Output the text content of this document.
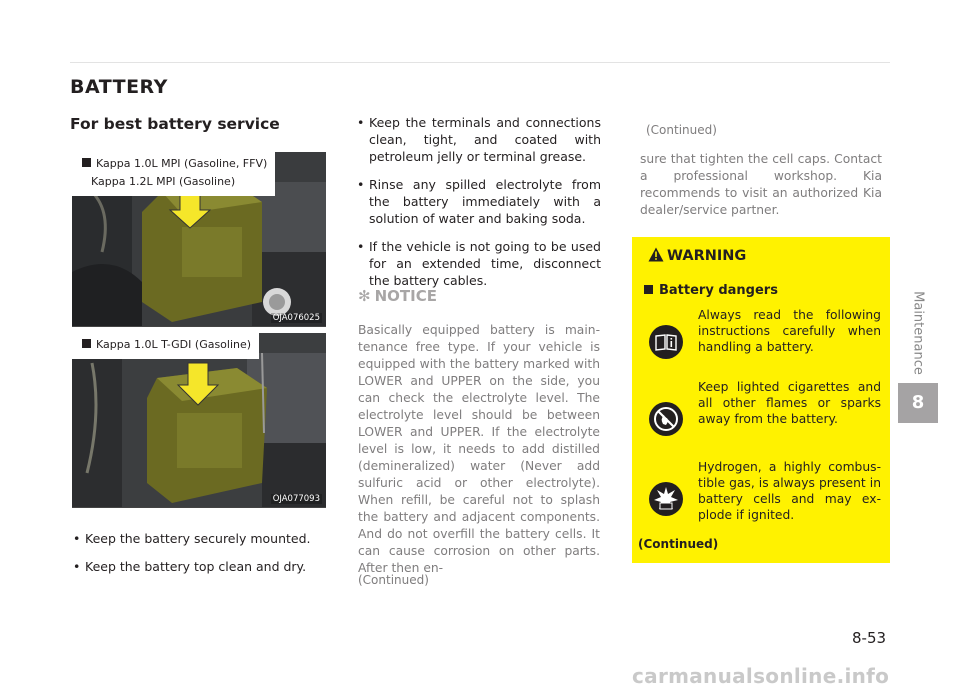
BATTERY
For best battery service
Kappa 1.0L MPI (Gasoline, FFV)
Kappa 1.2L MPI (Gasoline)
OJA076025
Kappa 1.0L T-GDI (Gasoline)
OJA077093
• Keep the battery securely mounted.
• Keep the battery top clean and dry.
• Keep the terminals and connections clean, tight, and coated with petroleum jelly or terminal grease.
• Rinse any spilled electrolyte from the battery immediately with a solution of water and baking soda.
• If the vehicle is not going to be used for an extended time, disconnect the battery cables.
✻ NOTICE
Basically equipped battery is maintenance free type. If your vehicle is equipped with the battery marked with LOWER and UPPER on the side, you can check the electrolyte level. The electrolyte level should be between LOWER and UPPER. If the electrolyte level is low, it needs to add distilled (demineralized) water (Never add sulfuric acid or other electrolyte). When refill, be careful not to splash the battery and adjacent components. And do not overfill the battery cells. It can cause corrosion on other parts. After then en-
(Continued)
(Continued)
sure that tighten the cell caps. Contact a professional workshop. Kia recommends to visit an authorized Kia dealer/service partner.
WARNING
Battery dangers
Always read the following instructions carefully when handling a battery.
Keep lighted cigarettes and all other flames or sparks away from the battery.
Hydrogen, a highly combustible gas, is always present in battery cells and may explode if ignited.
(Continued)
Maintenance
8
8-53
carmanualsonline.info
